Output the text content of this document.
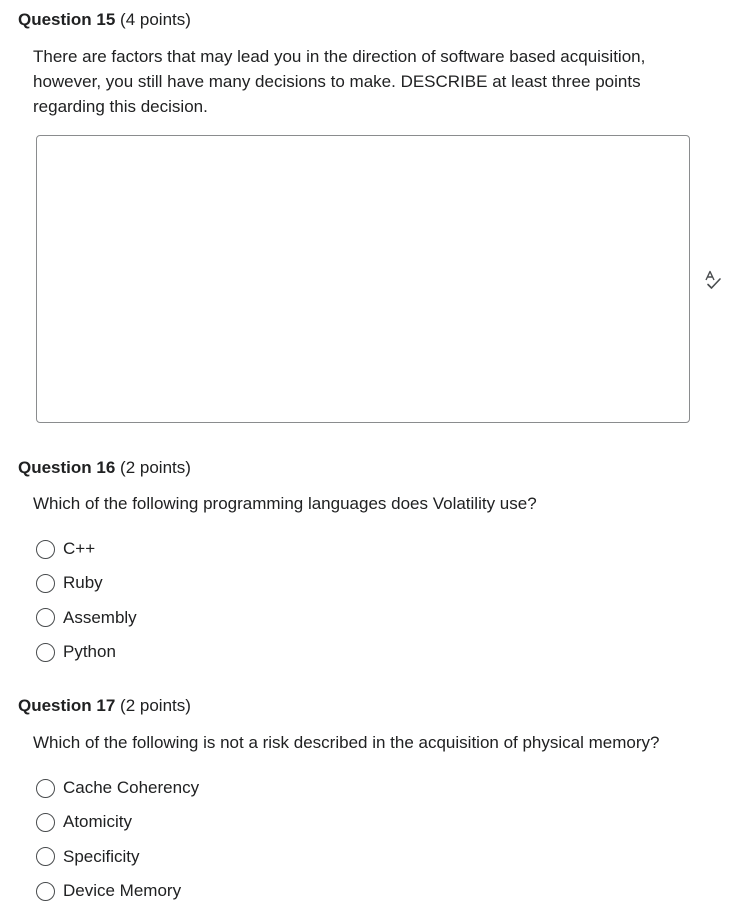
Question 15 (4 points)

There are factors that may lead you in the direction of software based acquisition, however, you still have many decisions to make. DESCRIBE at least three points regarding this decision.

Question 16 (2 points)

Which of the following programming languages does Volatility use?

C++
Ruby
Assembly
Python
Question 17 (2 points)

Which of the following is not a risk described in the acquisition of physical memory?

Cache Coherency
Atomicity
Specificity
Device Memory
